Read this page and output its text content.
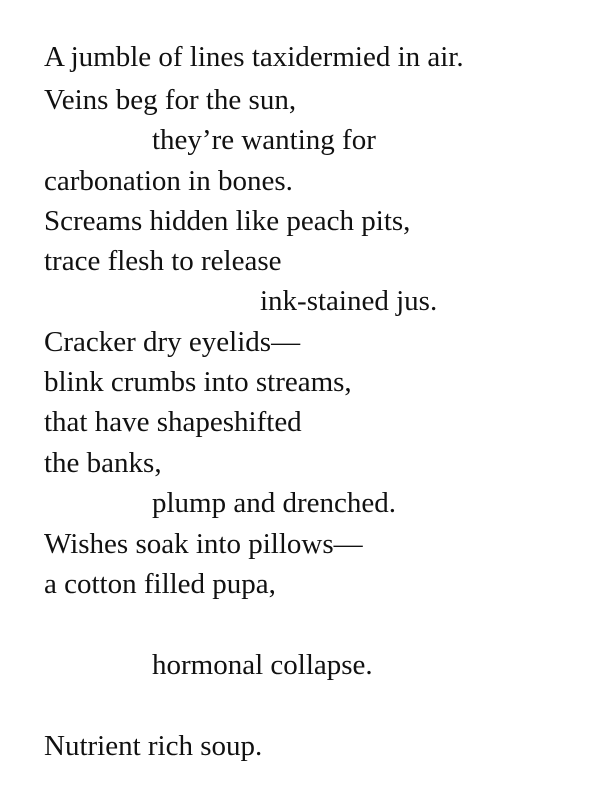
A jumble of lines taxidermied in air.

Veins beg for the sun,

they’re wanting for

carbonation in bones.

Screams hidden like peach pits,

trace flesh to release

ink-stained jus.

Cracker dry eyelids—

blink crumbs into streams,

that have shapeshifted

the banks,

plump and drenched.

Wishes soak into pillows—

a cotton filled pupa,

hormonal collapse.

Nutrient rich soup.
